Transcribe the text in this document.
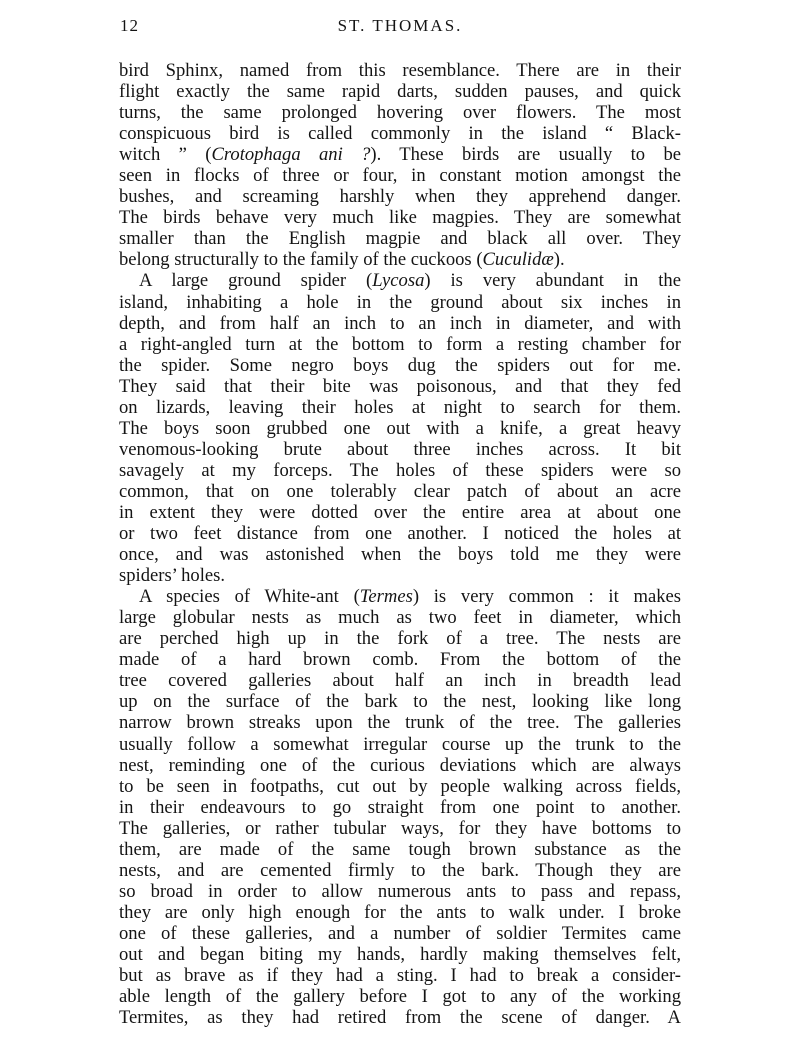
12	ST. THOMAS.
bird Sphinx, named from this resemblance. There are in their
flight exactly the same rapid darts, sudden pauses, and quick
turns, the same prolonged hovering over flowers. The most
conspicuous bird is called commonly in the island “ Black-
witch ” (Crotophaga ani ?). These birds are usually to be
seen in flocks of three or four, in constant motion amongst the
bushes, and screaming harshly when they apprehend danger.
The birds behave very much like magpies. They are somewhat
smaller than the English magpie and black all over. They
belong structurally to the family of the cuckoos (Cuculidæ).
A large ground spider (Lycosa) is very abundant in the
island, inhabiting a hole in the ground about six inches in
depth, and from half an inch to an inch in diameter, and with
a right-angled turn at the bottom to form a resting chamber for
the spider. Some negro boys dug the spiders out for me.
They said that their bite was poisonous, and that they fed
on lizards, leaving their holes at night to search for them.
The boys soon grubbed one out with a knife, a great heavy
venomous-looking brute about three inches across. It bit
savagely at my forceps. The holes of these spiders were so
common, that on one tolerably clear patch of about an acre
in extent they were dotted over the entire area at about one
or two feet distance from one another. I noticed the holes at
once, and was astonished when the boys told me they were
spiders’ holes.
A species of White-ant (Termes) is very common : it makes
large globular nests as much as two feet in diameter, which
are perched high up in the fork of a tree. The nests are
made of a hard brown comb. From the bottom of the
tree covered galleries about half an inch in breadth lead
up on the surface of the bark to the nest, looking like long
narrow brown streaks upon the trunk of the tree. The galleries
usually follow a somewhat irregular course up the trunk to the
nest, reminding one of the curious deviations which are always
to be seen in footpaths, cut out by people walking across fields,
in their endeavours to go straight from one point to another.
The galleries, or rather tubular ways, for they have bottoms to
them, are made of the same tough brown substance as the
nests, and are cemented firmly to the bark. Though they are
so broad in order to allow numerous ants to pass and repass,
they are only high enough for the ants to walk under. I broke
one of these galleries, and a number of soldier Termites came
out and began biting my hands, hardly making themselves felt,
but as brave as if they had a sting. I had to break a consider-
able length of the gallery before I got to any of the working
Termites, as they had retired from the scene of danger. A
